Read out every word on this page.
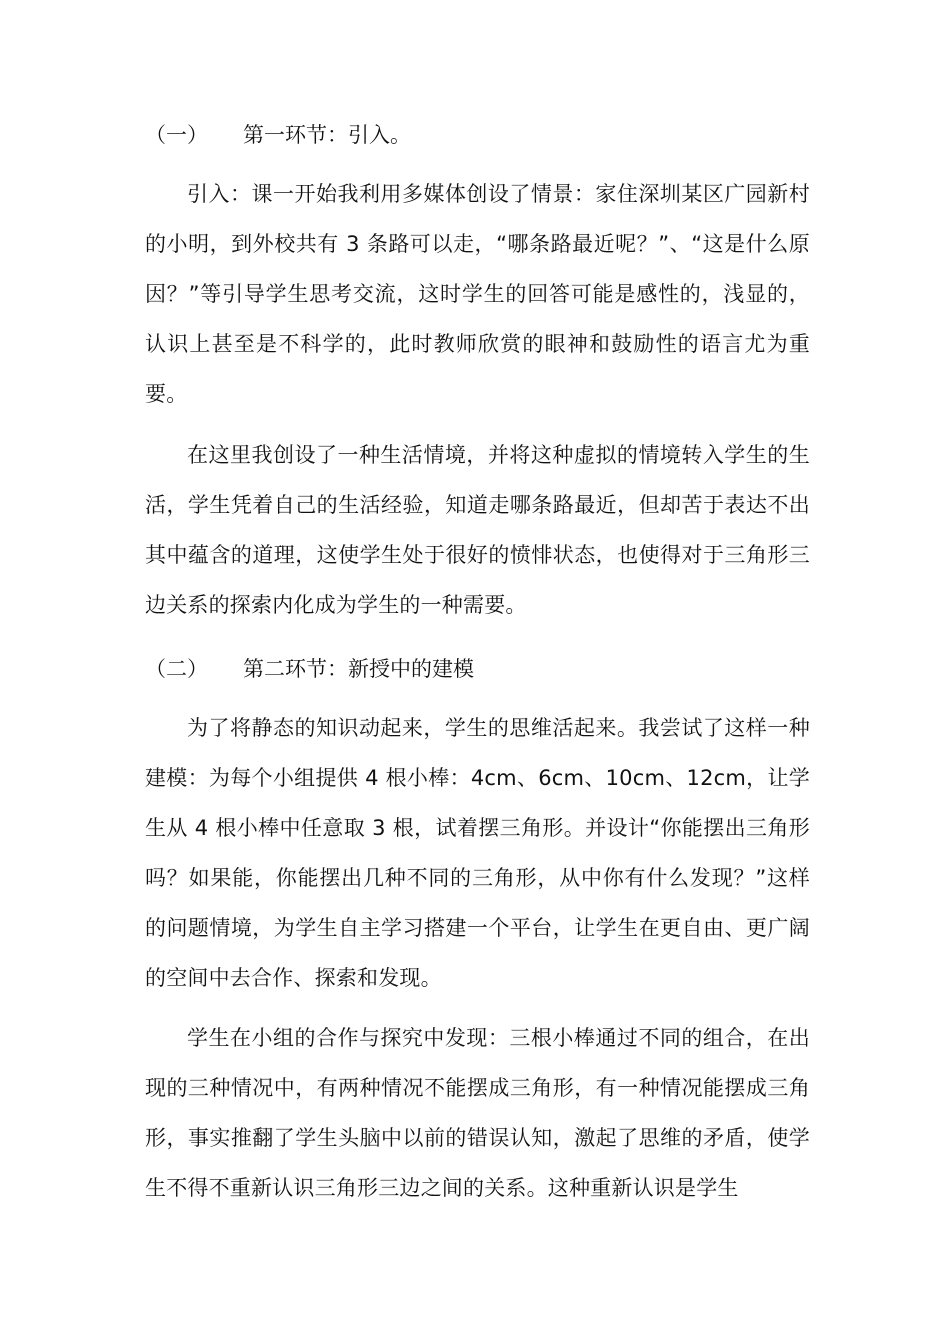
（一） 第一环节：引入。

引入：课一开始我利用多媒体创设了情景：家住深圳某区广园新村的小明，到外校共有 3 条路可以走，“哪条路最近呢？”、“这是什么原因？”等引导学生思考交流，这时学生的回答可能是感性的，浅显的，认识上甚至是不科学的，此时教师欣赏的眼神和鼓励性的语言尤为重要。

在这里我创设了一种生活情境，并将这种虚拟的情境转入学生的生活，学生凭着自己的生活经验，知道走哪条路最近，但却苦于表达不出其中蕴含的道理，这使学生处于很好的愤悱状态，也使得对于三角形三边关系的探索内化成为学生的一种需要。

（二） 第二环节：新授中的建模

为了将静态的知识动起来，学生的思维活起来。我尝试了这样一种建模：为每个小组提供 4 根小棒：4cm、6cm、10cm、12cm，让学生从 4 根小棒中任意取 3 根，试着摆三角形。并设计“你能摆出三角形吗？如果能，你能摆出几种不同的三角形，从中你有什么发现？”这样的问题情境，为学生自主学习搭建一个平台，让学生在更自由、更广阔的空间中去合作、探索和发现。

学生在小组的合作与探究中发现：三根小棒通过不同的组合，在出现的三种情况中，有两种情况不能摆成三角形，有一种情况能摆成三角形，事实推翻了学生头脑中以前的错误认知，激起了思维的矛盾，使学生不得不重新认识三角形三边之间的关系。这种重新认识是学生
